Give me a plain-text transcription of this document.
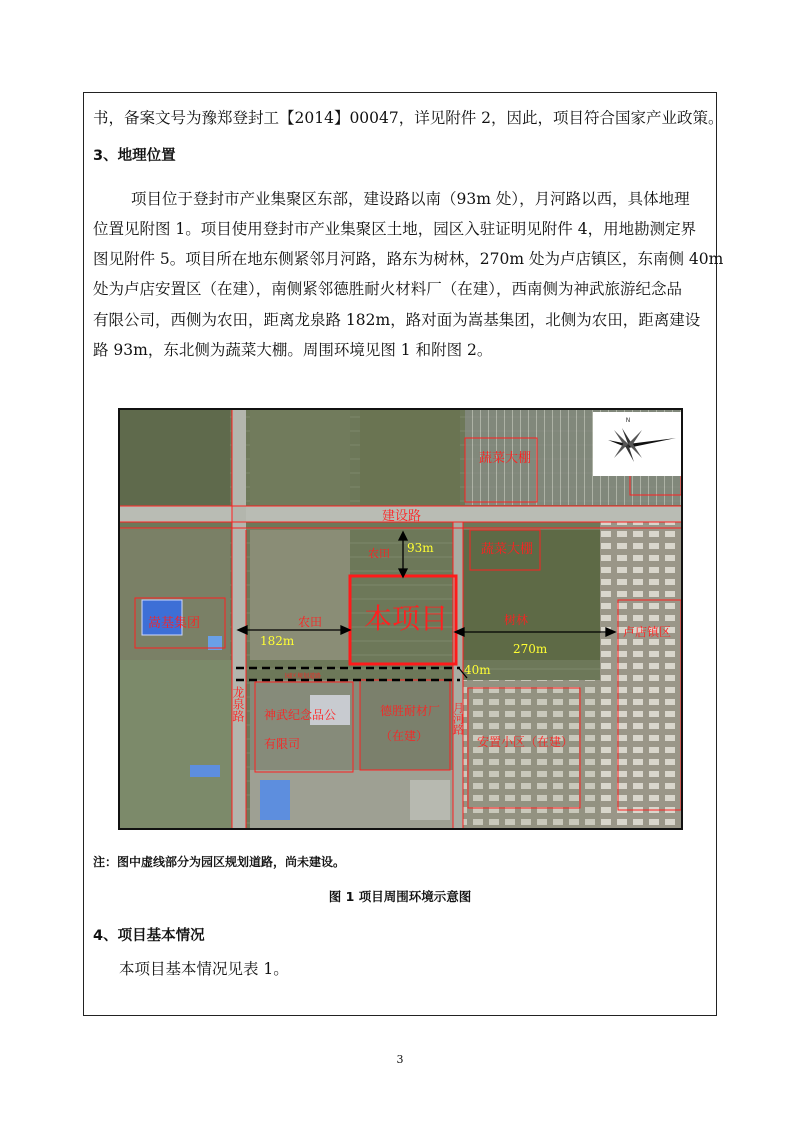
书，备案文号为豫郑登封工【2014】00047，详见附件 2，因此，项目符合国家产业政策。
3、地理位置
项目位于登封市产业集聚区东部，建设路以南（93m 处），月河路以西，具体地理
位置见附图 1。项目使用登封市产业集聚区土地，园区入驻证明见附件 4，用地勘测定界
图见附件 5。项目所在地东侧紧邻月河路，路东为树林，270m 处为卢店镇区，东南侧 40m
处为卢店安置区（在建），南侧紧邻德胜耐火材料厂（在建），西南侧为神武旅游纪念品
有限公司，西侧为农田，距离龙泉路 182m，路对面为嵩基集团，北侧为农田，距离建设
路 93m，东北侧为蔬菜大棚。周围环境见图 1 和附图 2。
N
蔬菜大棚
蔬菜大棚
建设路
农田 93m
本项目
农田
182m
嵩基集团	树林
270m
卢店镇区
40m
园区规划道路
龙泉路 神武纪念品公
有限司
德胜耐材厂
（在建）
月河路
安置小区（在建）
注：图中虚线部分为园区规划道路，尚未建设。
图 1 项目周围环境示意图
4、项目基本情况
本项目基本情况见表 1。
3
